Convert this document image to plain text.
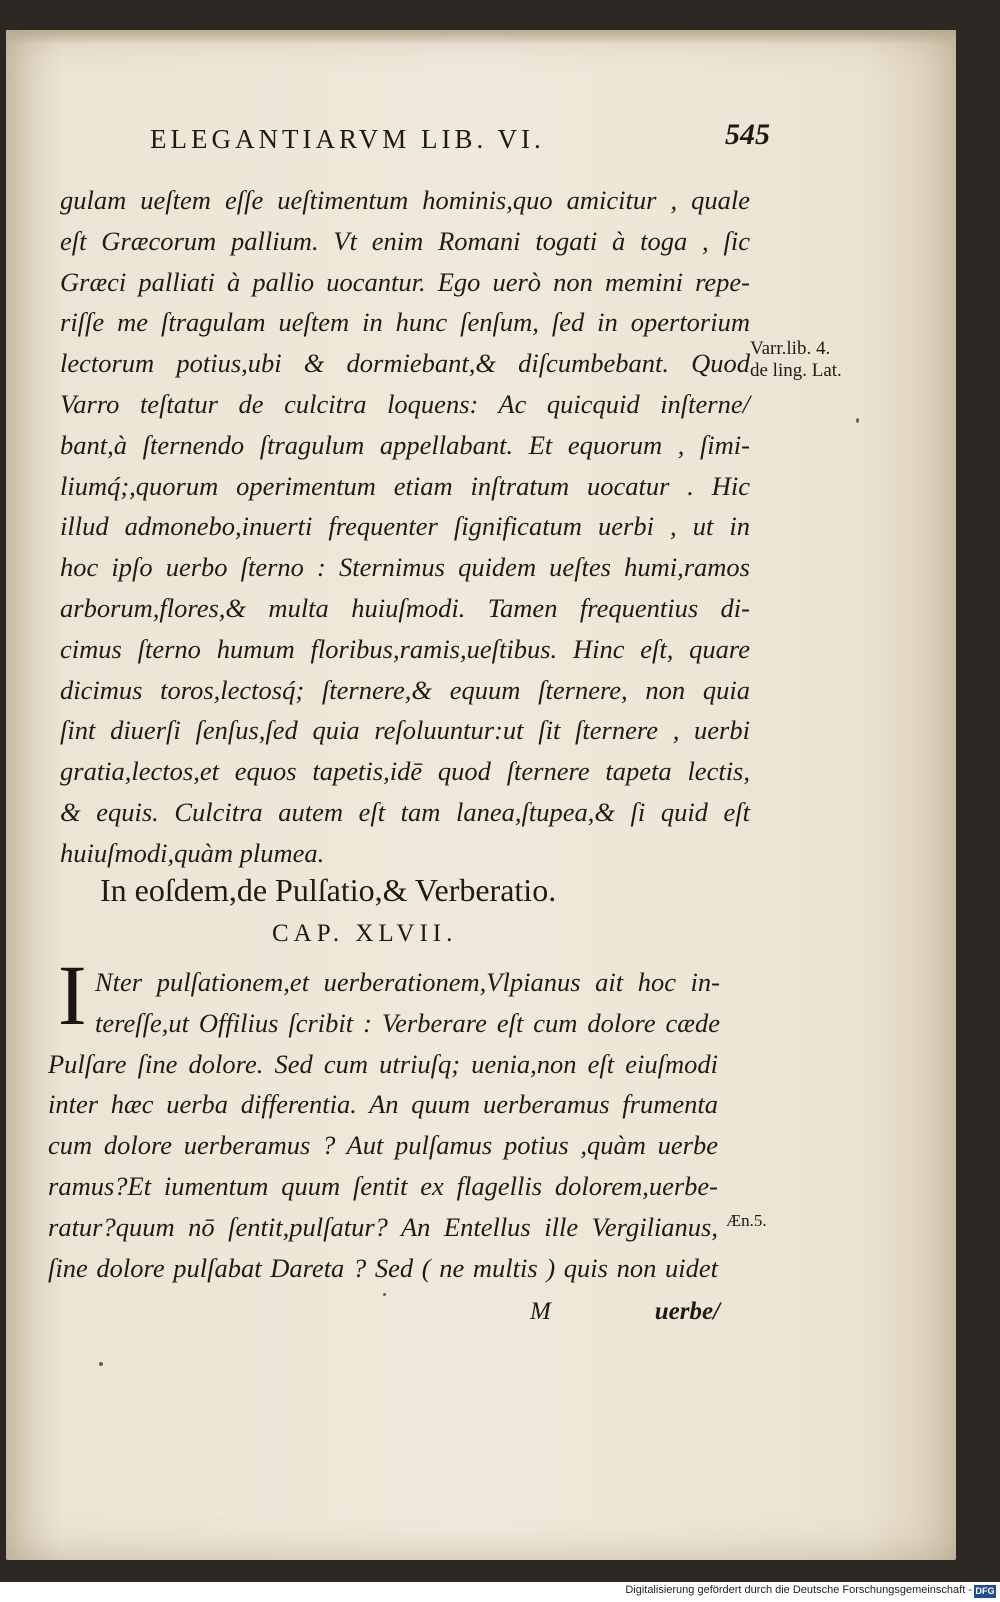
ELEGANTIARVM LIB. VI.	545
gulam ueſtem eſſe ueſtimentum hominis,quo amicitur , quale
eſt Græcorum pallium. Vt enim Romani togati à toga , ſic
Græci palliati à pallio uocantur. Ego uerò non memini repe-
riſſe me ſtragulam ueſtem in hunc ſenſum, ſed in opertorium
lectorum potius,ubi & dormiebant,& diſcumbebant. Quod
Varro teſtatur de culcitra loquens: Ac quicquid inſterne/
bant,à ſternendo ſtragulum appellabant. Et equorum , ſimi-
liumq́;,quorum operimentum etiam inſtratum uocatur . Hic
illud admonebo,inuerti frequenter ſignificatum uerbi , ut in
hoc ipſo uerbo ſterno : Sternimus quidem ueſtes humi,ramos
arborum,flores,& multa huiuſmodi. Tamen frequentius di-
cimus ſterno humum floribus,ramis,ueſtibus. Hinc eſt, quare
dicimus toros,lectosq́; ſternere,& equum ſternere, non quia
ſint diuerſi ſenſus,ſed quia reſoluuntur:ut ſit ſternere , uerbi
gratia,lectos,et equos tapetis,idē quod ſternere tapeta lectis,
& equis. Culcitra autem eſt tam lanea,ſtupea,& ſi quid eſt
huiuſmodi,quàm plumea.
Varr.lib. 4.
de ling. Lat.
In eoſdem,de Pulſatio,& Verberatio.
CAP. XLVII.
I Nter pulſationem,et uerberationem,Vlpianus ait hoc in-
tereſſe,ut Offilius ſcribit : Verberare eſt cum dolore cæde
Pulſare ſine dolore. Sed cum utriuſq; uenia,non eſt eiuſmodi
inter hæc uerba differentia. An quum uerberamus frumenta
cum dolore uerberamus ? Aut pulſamus potius ,quàm uerbe
ramus?Et iumentum quum ſentit ex flagellis dolorem,uerbe-
ratur?quum nō ſentit,pulſatur? An Entellus ille Vergilianus,
ſine dolore pulſabat Dareta ? Sed ( ne multis ) quis non uidet
Æn.5.
M	uerbe/
Digitalisierung gefördert durch die Deutsche Forschungsgemeinschaft - DFG
